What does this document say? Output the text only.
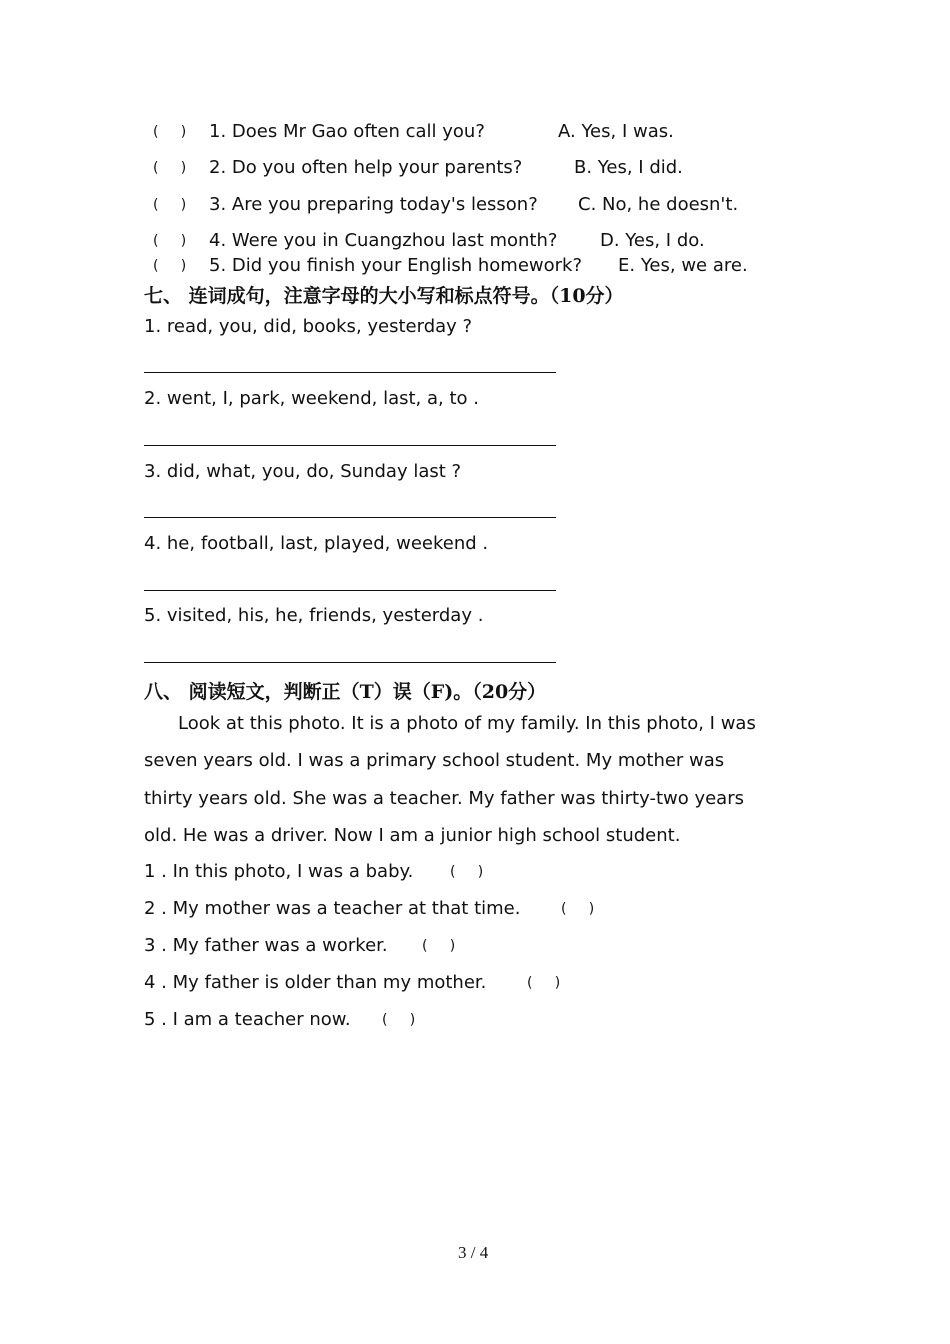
(     ) 1. Does Mr Gao often call you?	A. Yes, I was.
(     ) 2. Do you often help your parents?	B. Yes, I did.
(     ) 3. Are you preparing today's lesson? C. No, he doesn't.
(     ) 4. Were you in Cuangzhou last month? D. Yes, I do.
(     ) 5. Did you finish your English homework? E. Yes, we are.
七、 连词成句，注意字母的大小写和标点符号。（10分）
1. read, you, did, books, yesterday ?
2. went, I, park, weekend, last, a, to .
3. did, what, you, do, Sunday last ?
4. he, football, last, played, weekend .
5. visited, his, he, friends, yesterday .
八、 阅读短文，判断正（T）误（F)。（20分）
Look at this photo. It is a photo of my family. In this photo, I was
seven years old. I was a primary school student. My mother was
thirty years old. She was a teacher. My father was thirty-two years
old. He was a driver. Now I am a junior high school student.
1 . In this photo, I was a baby.	(     )
2 . My mother was a teacher at that time.	(     )
3 . My father was a worker. (     )
4 . My father is older than my mother.	(     )
5 . I am a teacher now. (     )
3 / 4
